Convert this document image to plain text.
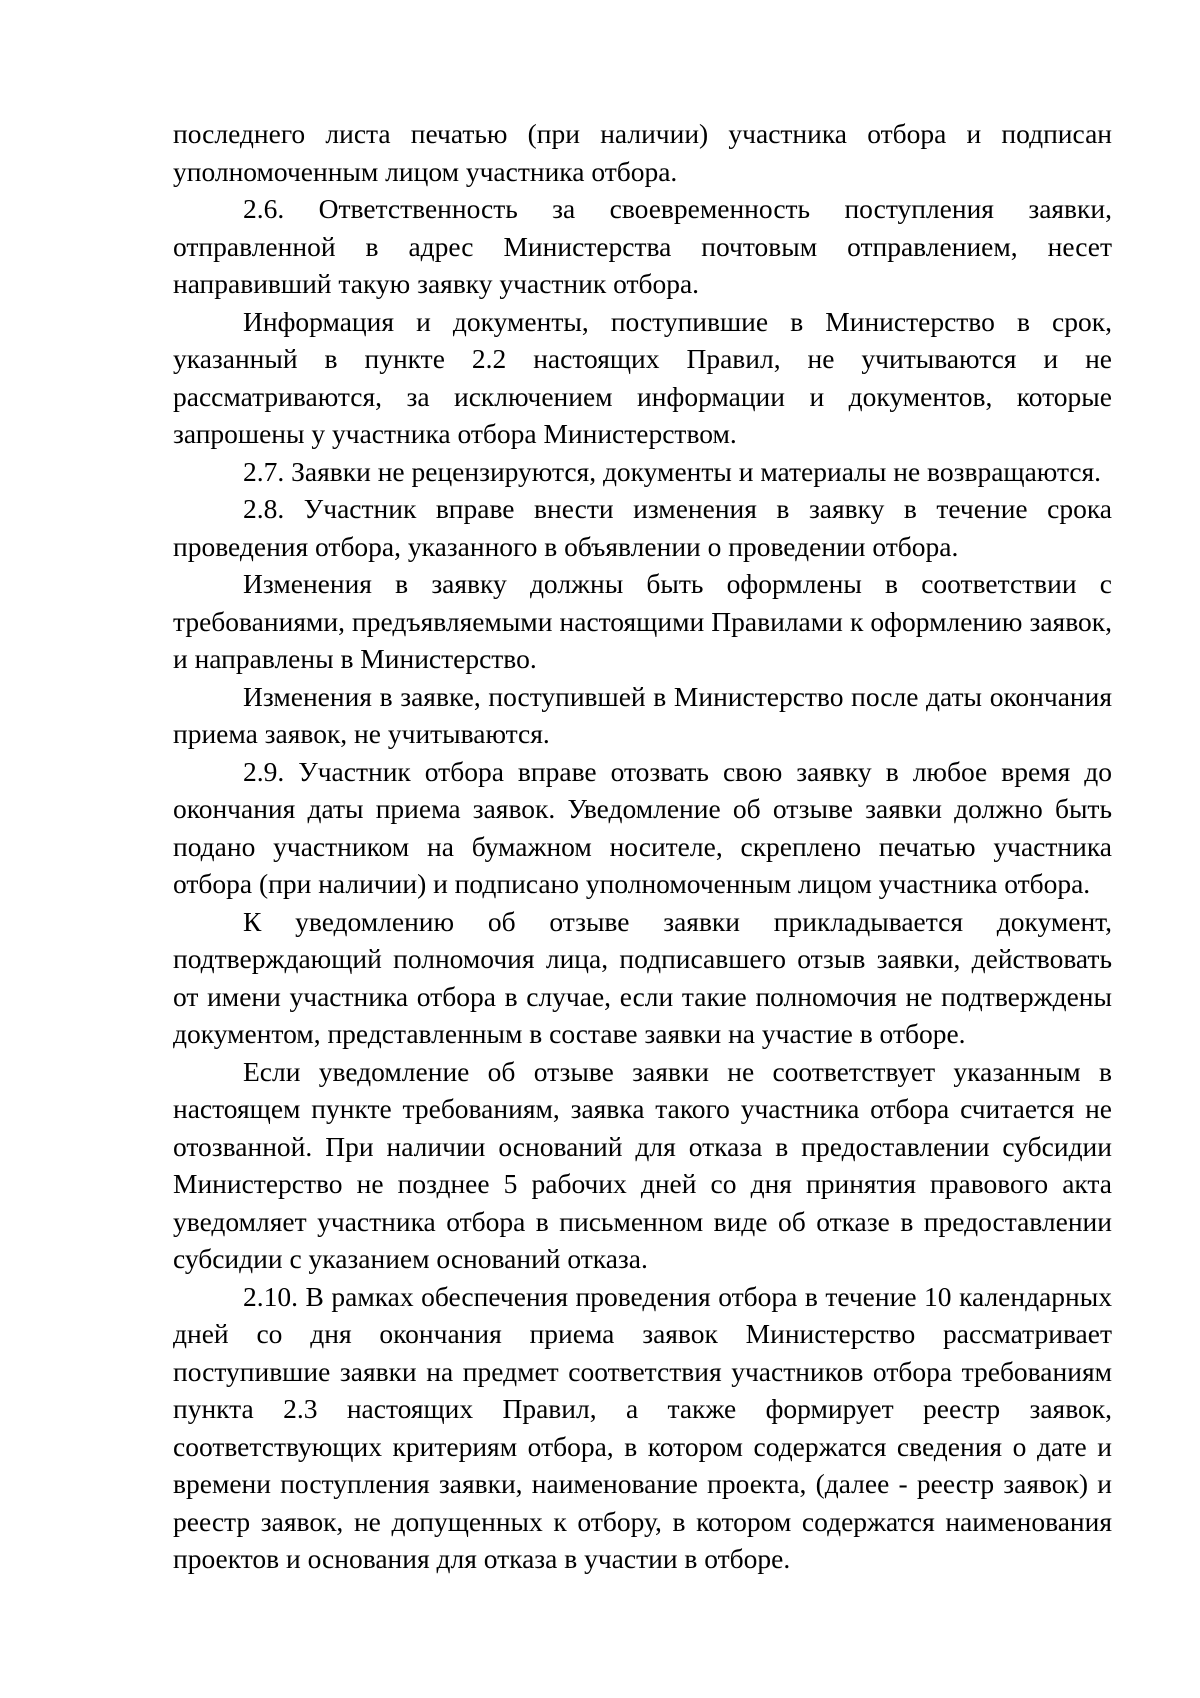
последнего листа печатью (при наличии) участника отбора и подписан уполномоченным лицом участника отбора.

2.6. Ответственность за своевременность поступления заявки, отправленной в адрес Министерства почтовым отправлением, несет направивший такую заявку участник отбора.

Информация и документы, поступившие в Министерство в срок, указанный в пункте 2.2 настоящих Правил, не учитываются и не рассматриваются, за исключением информации и документов, которые запрошены у участника отбора Министерством.

2.7. Заявки не рецензируются, документы и материалы не возвращаются.

2.8. Участник вправе внести изменения в заявку в течение срока проведения отбора, указанного в объявлении о проведении отбора.

Изменения в заявку должны быть оформлены в соответствии с требованиями, предъявляемыми настоящими Правилами к оформлению заявок, и направлены в Министерство.

Изменения в заявке, поступившей в Министерство после даты окончания приема заявок, не учитываются.

2.9. Участник отбора вправе отозвать свою заявку в любое время до окончания даты приема заявок. Уведомление об отзыве заявки должно быть подано участником на бумажном носителе, скреплено печатью участника отбора (при наличии) и подписано уполномоченным лицом участника отбора.

К уведомлению об отзыве заявки прикладывается документ, подтверждающий полномочия лица, подписавшего отзыв заявки, действовать от имени участника отбора в случае, если такие полномочия не подтверждены документом, представленным в составе заявки на участие в отборе.

Если уведомление об отзыве заявки не соответствует указанным в настоящем пункте требованиям, заявка такого участника отбора считается не отозванной. При наличии оснований для отказа в предоставлении субсидии Министерство не позднее 5 рабочих дней со дня принятия правового акта уведомляет участника отбора в письменном виде об отказе в предоставлении субсидии с указанием оснований отказа.

2.10. В рамках обеспечения проведения отбора в течение 10 календарных дней со дня окончания приема заявок Министерство рассматривает поступившие заявки на предмет соответствия участников отбора требованиям пункта 2.3 настоящих Правил, а также формирует реестр заявок, соответствующих критериям отбора, в котором содержатся сведения о дате и времени поступления заявки, наименование проекта, (далее - реестр заявок) и реестр заявок, не допущенных к отбору, в котором содержатся наименования проектов и основания для отказа в участии в отборе.
